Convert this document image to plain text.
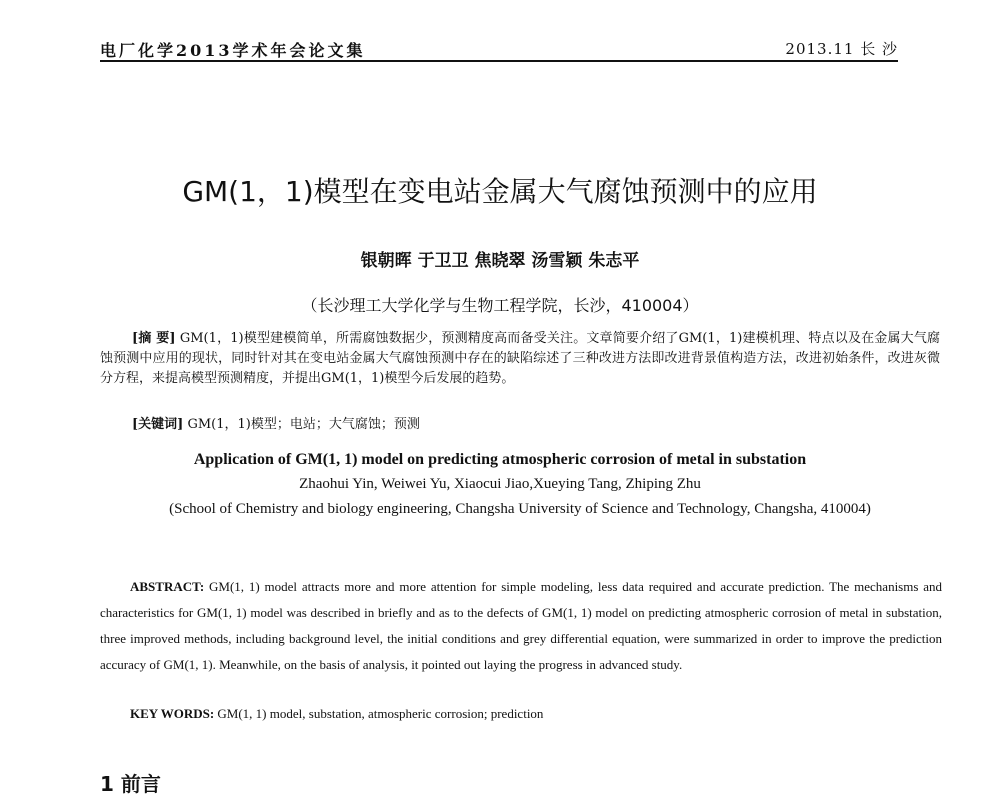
电厂化学2013学术年会论文集	2013.11 长 沙
GM(1，1)模型在变电站金属大气腐蚀预测中的应用
银朝晖 于卫卫 焦晓翠 汤雪颖 朱志平
（长沙理工大学化学与生物工程学院，长沙，410004）
[摘 要] GM(1，1)模型建模简单，所需腐蚀数据少，预测精度高而备受关注。文章简要介绍了GM(1，1)建模机理、特点以及在金属大气腐蚀预测中应用的现状，同时针对其在变电站金属大气腐蚀预测中存在的缺陷综述了三种改进方法即改进背景值构造方法，改进初始条件，改进灰微分方程，来提高模型预测精度，并提出GM(1，1)模型今后发展的趋势。
[关键词] GM(1，1)模型；电站；大气腐蚀；预测
Application of GM(1, 1) model on predicting atmospheric corrosion of metal in substation
Zhaohui Yin, Weiwei Yu, Xiaocui Jiao,Xueying Tang, Zhiping Zhu
(School of Chemistry and biology engineering, Changsha University of Science and Technology, Changsha, 410004)
ABSTRACT: GM(1, 1) model attracts more and more attention for simple modeling, less data required and accurate prediction. The mechanisms and characteristics for GM(1, 1) model was described in briefly and as to the defects of GM(1, 1) model on predicting atmospheric corrosion of metal in substation, three improved methods, including background level, the initial conditions and grey differential equation, were summarized in order to improve the prediction accuracy of GM(1, 1). Meanwhile, on the basis of analysis, it pointed out laying the progress in advanced study.
KEY WORDS: GM(1, 1) model, substation, atmospheric corrosion; prediction
1 前言
